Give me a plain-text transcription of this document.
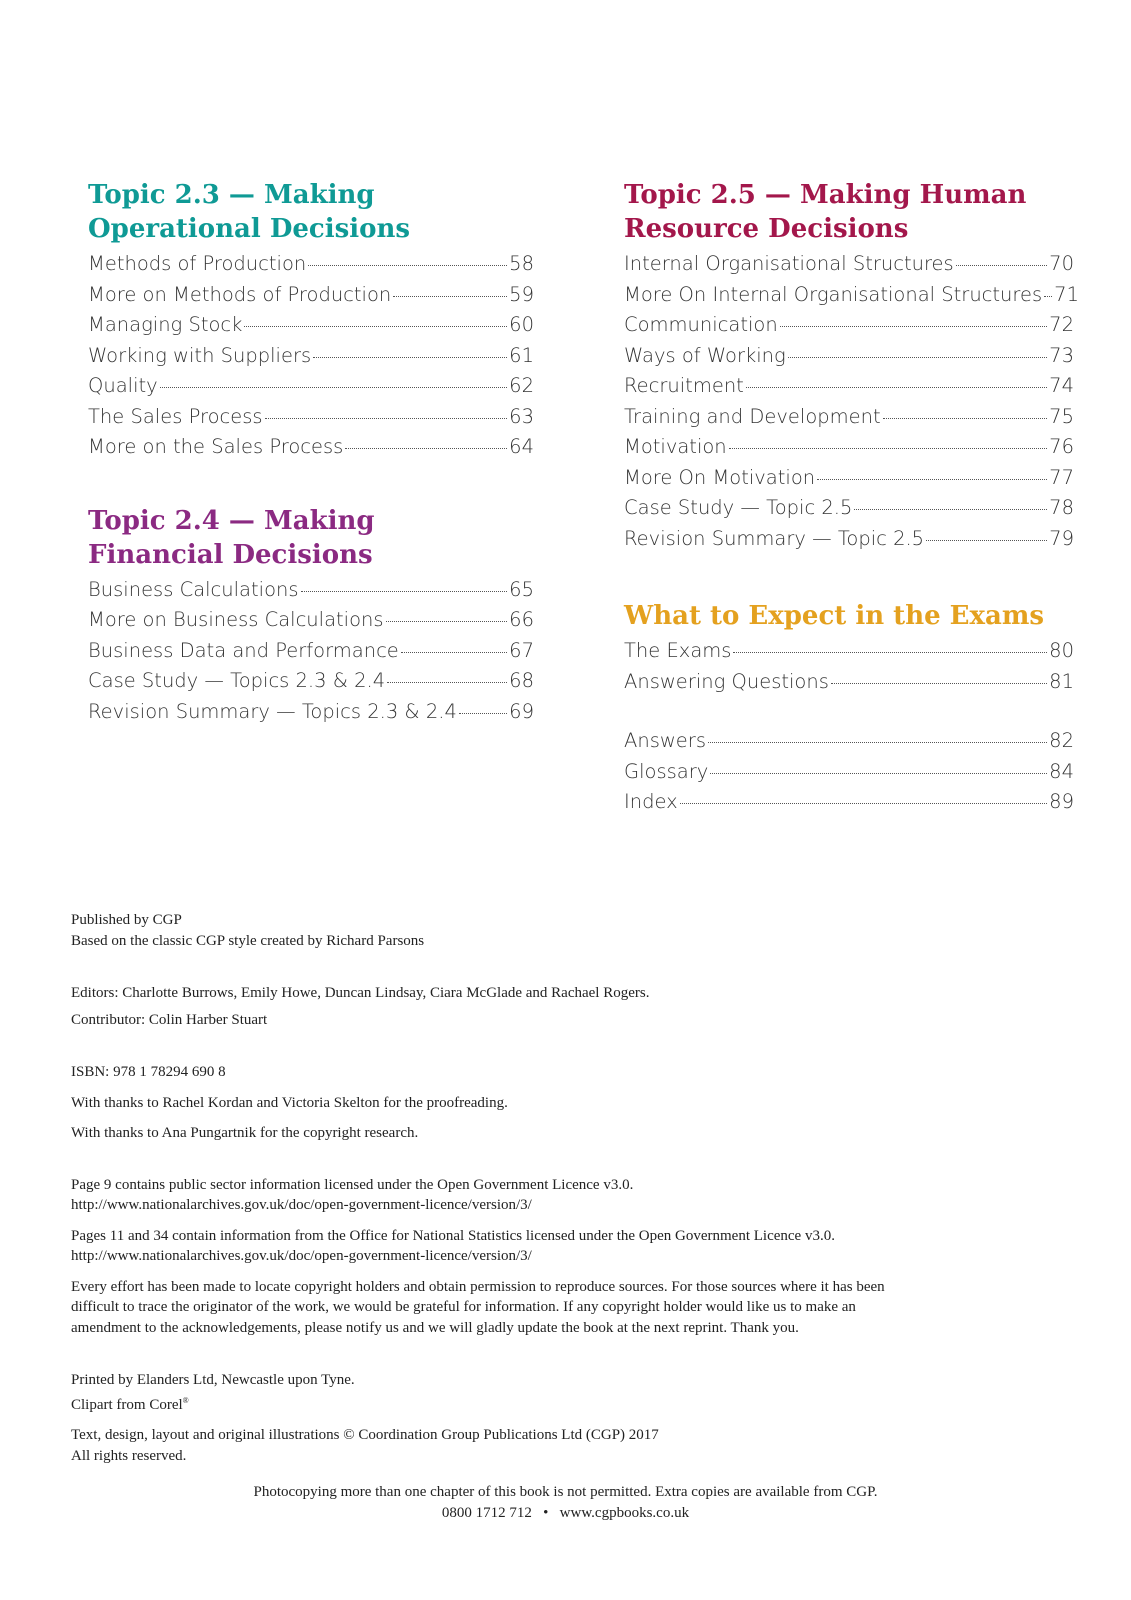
Topic 2.3 — Making
Operational Decisions
Methods of Production	58
More on Methods of Production	59
Managing Stock	60
Working with Suppliers	61
Quality	62
The Sales Process	63
More on the Sales Process	64
Topic 2.4 — Making
Financial Decisions
Business Calculations	65
More on Business Calculations	66
Business Data and Performance	67
Case Study — Topics 2.3 & 2.4	68
Revision Summary — Topics 2.3 & 2.4	69
Topic 2.5 — Making Human
Resource Decisions
Internal Organisational Structures	70
More On Internal Organisational Structures 71
Communication	72
Ways of Working	73
Recruitment	74
Training and Development	75
Motivation	76
More On Motivation	77
Case Study — Topic 2.5	78
Revision Summary — Topic 2.5	79
What to Expect in the Exams
The Exams	80
Answering Questions	81
Answers	82
Glossary	84
Index	89

Published by CGP
Based on the classic CGP style created by Richard Parsons

Editors: Charlotte Burrows, Emily Howe, Duncan Lindsay, Ciara McGlade and Rachael Rogers.
Contributor: Colin Harber Stuart

ISBN: 978 1 78294 690 8
With thanks to Rachel Kordan and Victoria Skelton for the proofreading.
With thanks to Ana Pungartnik for the copyright research.

Page 9 contains public sector information licensed under the Open Government Licence v3.0.
http://www.nationalarchives.gov.uk/doc/open-government-licence/version/3/

Pages 11 and 34 contain information from the Office for National Statistics licensed under the Open Government Licence v3.0.
http://www.nationalarchives.gov.uk/doc/open-government-licence/version/3/

Every effort has been made to locate copyright holders and obtain permission to reproduce sources. For those sources where it has been
difficult to trace the originator of the work, we would be grateful for information. If any copyright holder would like us to make an
amendment to the acknowledgements, please notify us and we will gladly update the book at the next reprint. Thank you.

Printed by Elanders Ltd, Newcastle upon Tyne.
Clipart from Corel®

Text, design, layout and original illustrations © Coordination Group Publications Ltd (CGP) 2017
All rights reserved.

Photocopying more than one chapter of this book is not permitted. Extra copies are available from CGP.
0800 1712 712 • www.cgpbooks.co.uk
